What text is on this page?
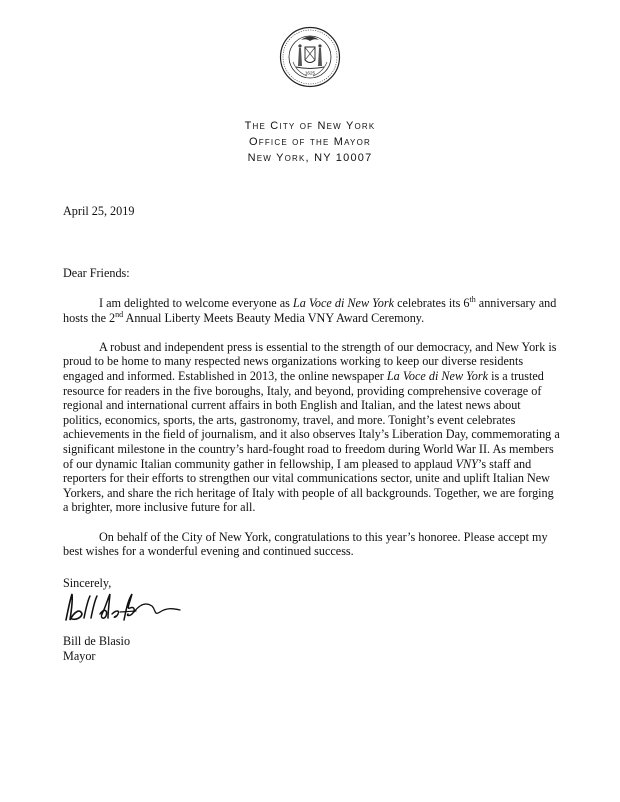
1625
The City of New York
Office of the Mayor
New York, NY 10007
April 25, 2019
Dear Friends:

I am delighted to welcome everyone as La Voce di New York celebrates its 6th anniversary and hosts the 2nd Annual Liberty Meets Beauty Media VNY Award Ceremony.

A robust and independent press is essential to the strength of our democracy, and New York is proud to be home to many respected news organizations working to keep our diverse residents engaged and informed. Established in 2013, the online newspaper La Voce di New York is a trusted resource for readers in the five boroughs, Italy, and beyond, providing comprehensive coverage of regional and international current affairs in both English and Italian, and the latest news about politics, economics, sports, the arts, gastronomy, travel, and more. Tonight’s event celebrates achievements in the field of journalism, and it also observes Italy’s Liberation Day, commemorating a significant milestone in the country’s hard-fought road to freedom during World War II. As members of our dynamic Italian community gather in fellowship, I am pleased to applaud VNY’s staff and reporters for their efforts to strengthen our vital communications sector, unite and uplift Italian New Yorkers, and share the rich heritage of Italy with people of all backgrounds. Together, we are forging a brighter, more inclusive future for all.

On behalf of the City of New York, congratulations to this year’s honoree. Please accept my best wishes for a wonderful evening and continued success.

Sincerely,
Bill de Blasio
Mayor
